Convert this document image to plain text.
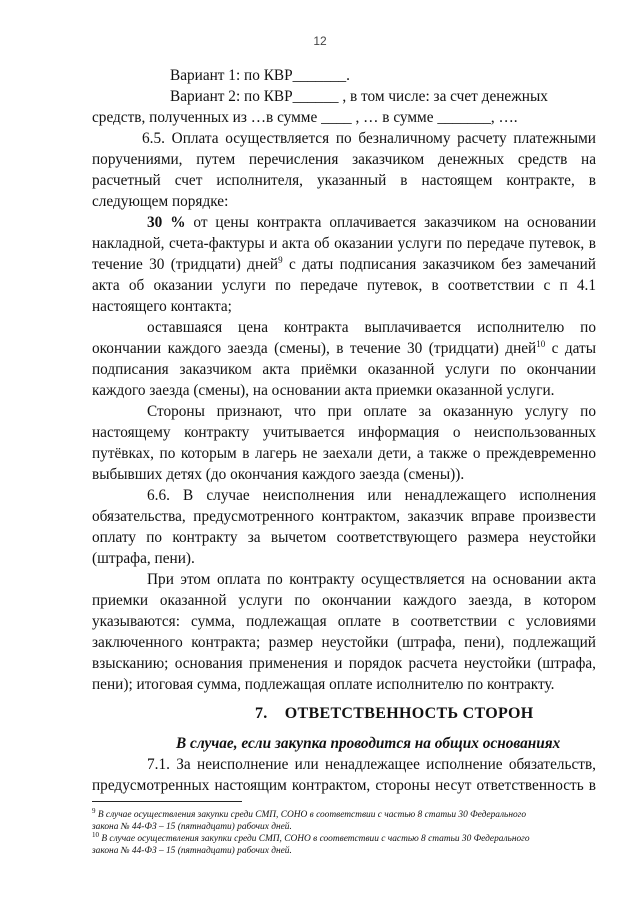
12
Вариант 1: по КВР_______.
Вариант 2: по КВР______ , в том числе: за счет денежных
средств, полученных из …в сумме ____ , … в сумме _______, ….
6.5. Оплата осуществляется по безналичному расчету платежными
поручениями, путем перечисления заказчиком денежных средств на
расчетный счет исполнителя, указанный в настоящем контракте, в
следующем порядке:
30 % от цены контракта оплачивается заказчиком на основании
накладной, счета-фактуры и акта об оказании услуги по передаче путевок, в
течение 30 (тридцати) дней$^9$ с даты подписания заказчиком без замечаний
акта об оказании услуги по передаче путевок, в соответствии с п 4.1
настоящего контакта;
оставшаяся цена контракта выплачивается исполнителю по
окончании каждого заезда (смены), в течение 30 (тридцати) дней$^{10}$ с даты
подписания заказчиком акта приёмки оказанной услуги по окончании
каждого заезда (смены), на основании акта приемки оказанной услуги.
Стороны признают, что при оплате за оказанную услугу по
настоящему контракту учитывается информация о неиспользованных
путёвках, по которым в лагерь не заехали дети, а также о преждевременно
выбывших детях (до окончания каждого заезда (смены)).
6.6. В случае неисполнения или ненадлежащего исполнения
обязательства, предусмотренного контрактом, заказчик вправе произвести
оплату по контракту за вычетом соответствующего размера неустойки
(штрафа, пени).
При этом оплата по контракту осуществляется на основании акта
приемки оказанной услуги по окончании каждого заезда, в котором
указываются: сумма, подлежащая оплате в соответствии с условиями
заключенного контракта; размер неустойки (штрафа, пени), подлежащий
взысканию; основания применения и порядок расчета неустойки (штрафа,
пени); итоговая сумма, подлежащая оплате исполнителю по контракту.
7.    ОТВЕТСТВЕННОСТЬ СТОРОН
В случае, если закупка проводится на общих основаниях
7.1. За неисполнение или ненадлежащее исполнение обязательств,
предусмотренных настоящим контрактом, стороны несут ответственность в
$^9$ В случае осуществления закупки среди СМП, СОНО в соответствии с частью 8 статьи 30 Федерального
закона № 44-ФЗ – 15 (пятнадцати) рабочих дней.
$^{10}$ В случае осуществления закупки среди СМП, СОНО в соответствии с частью 8 статьи 30 Федерального
закона № 44-ФЗ – 15 (пятнадцати) рабочих дней.
